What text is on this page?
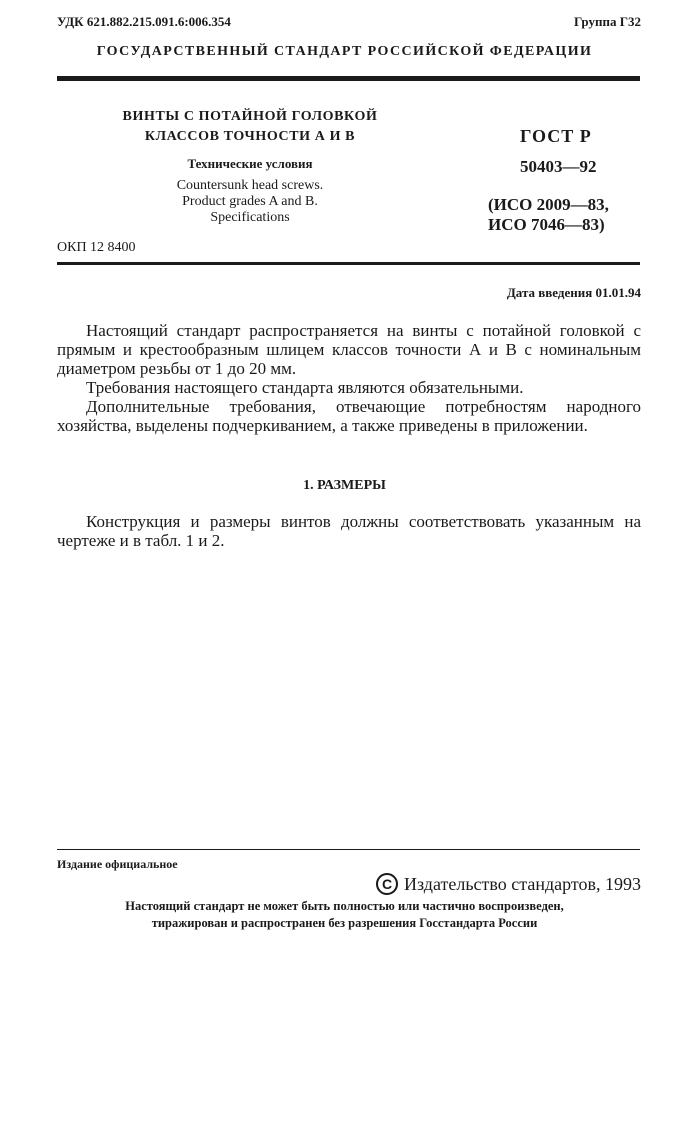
УДК 621.882.215.091.6:006.354	Группа Г32
ГОСУДАРСТВЕННЫЙ СТАНДАРТ РОССИЙСКОЙ ФЕДЕРАЦИИ
ВИНТЫ С ПОТАЙНОЙ ГОЛОВКОЙ
КЛАССОВ ТОЧНОСТИ А И В
Технические условия
Countersunk head screws.
Product grades A and B.
Specifications
ГОСТ Р
50403—92
(ИСО 2009—83,
ИСО 7046—83)
ОКП 12 8400
Дата введения 01.01.94

Настоящий стандарт распространяется на винты с потайной головкой с прямым и крестообразным шлицем классов точности А и В с номинальным диаметром резьбы от 1 до 20 мм.

Требования настоящего стандарта являются обязательными.

Дополнительные требования, отвечающие потребностям народного хозяйства, выделены подчеркиванием, а также приведены в приложении.

1. РАЗМЕРЫ

Конструкция и размеры винтов должны соответствовать указанным на чертеже и в табл. 1 и 2.

Издание официальное
С Издательство стандартов, 1993
Настоящий стандарт не может быть полностью или частично воспроизведен,
тиражирован и распространен без разрешения Госстандарта России
